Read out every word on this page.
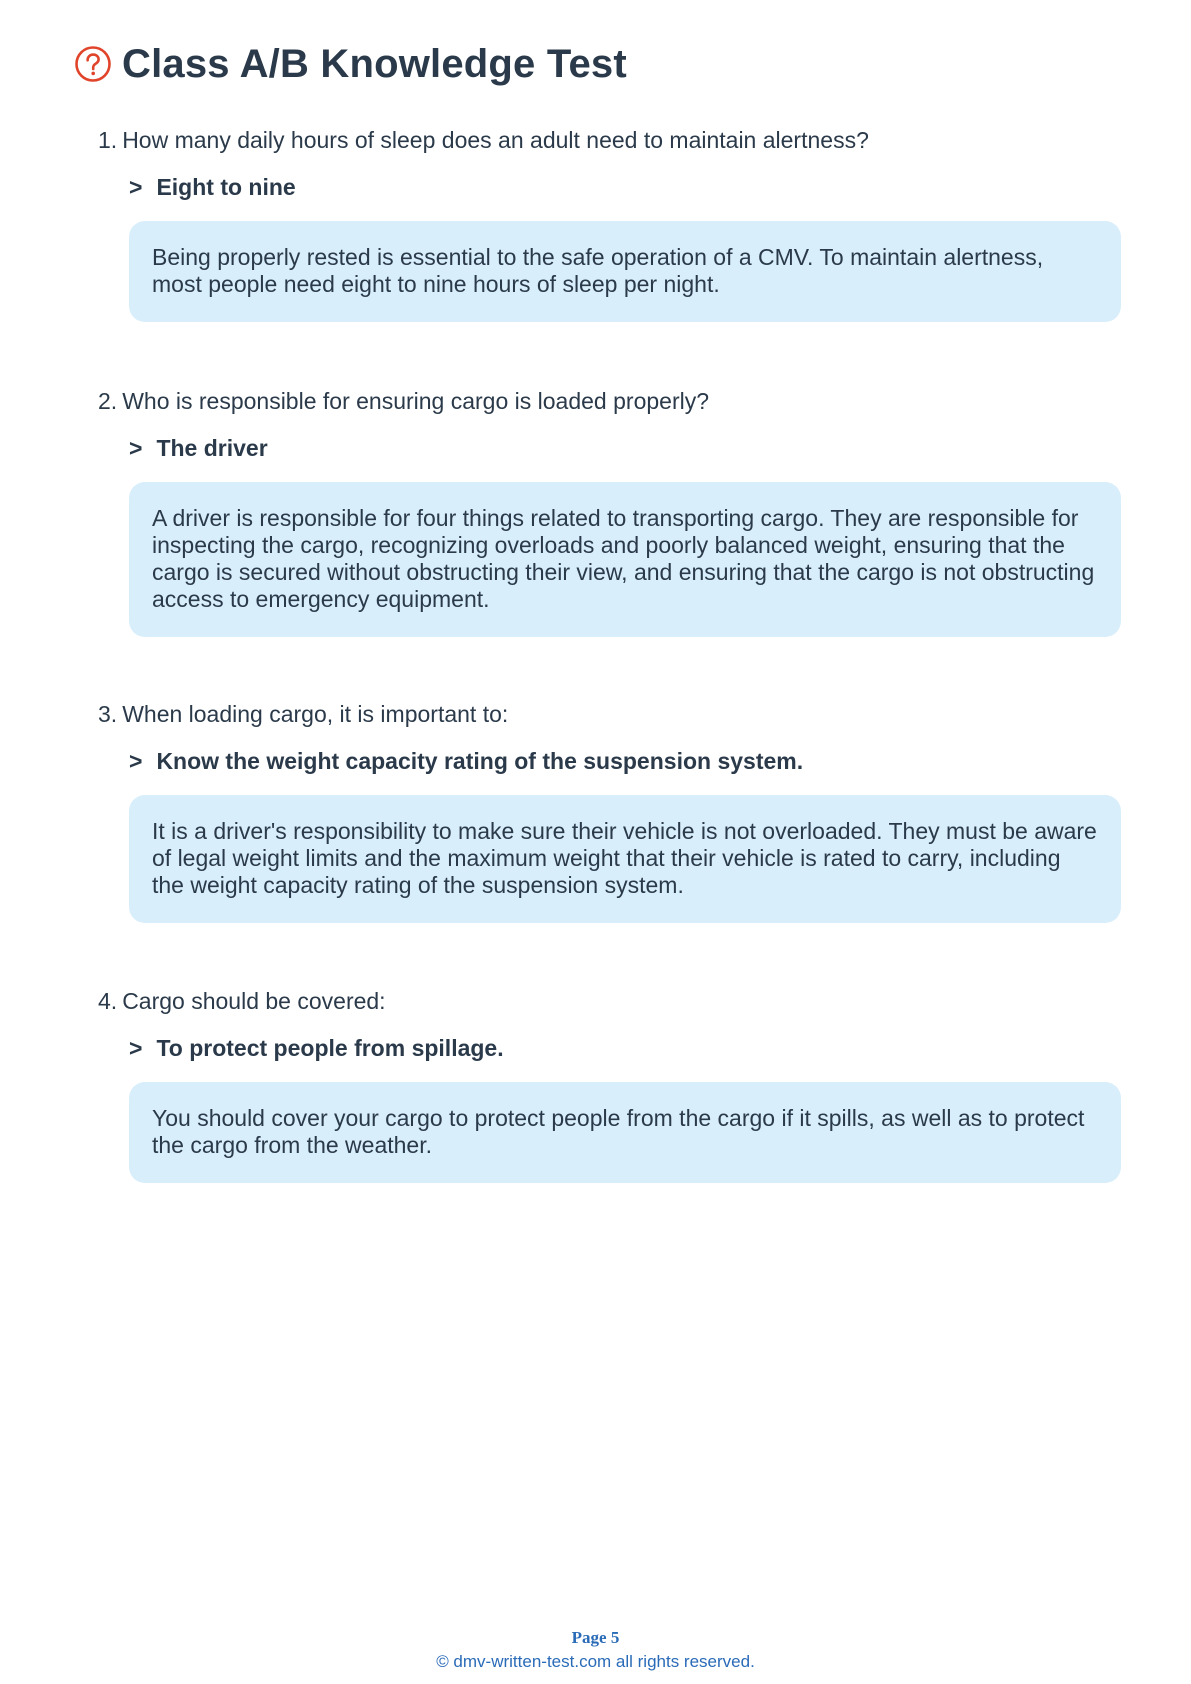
Class A/B Knowledge Test
1. How many daily hours of sleep does an adult need to maintain alertness?
> Eight to nine
Being properly rested is essential to the safe operation of a CMV. To maintain alertness, most people need eight to nine hours of sleep per night.
2. Who is responsible for ensuring cargo is loaded properly?
> The driver
A driver is responsible for four things related to transporting cargo. They are responsible for inspecting the cargo, recognizing overloads and poorly balanced weight, ensuring that the cargo is secured without obstructing their view, and ensuring that the cargo is not obstructing access to emergency equipment.
3. When loading cargo, it is important to:
> Know the weight capacity rating of the suspension system.
It is a driver's responsibility to make sure their vehicle is not overloaded. They must be aware of legal weight limits and the maximum weight that their vehicle is rated to carry, including the weight capacity rating of the suspension system.
4. Cargo should be covered:
> To protect people from spillage.
You should cover your cargo to protect people from the cargo if it spills, as well as to protect the cargo from the weather.
Page 5
© dmv-written-test.com all rights reserved.
